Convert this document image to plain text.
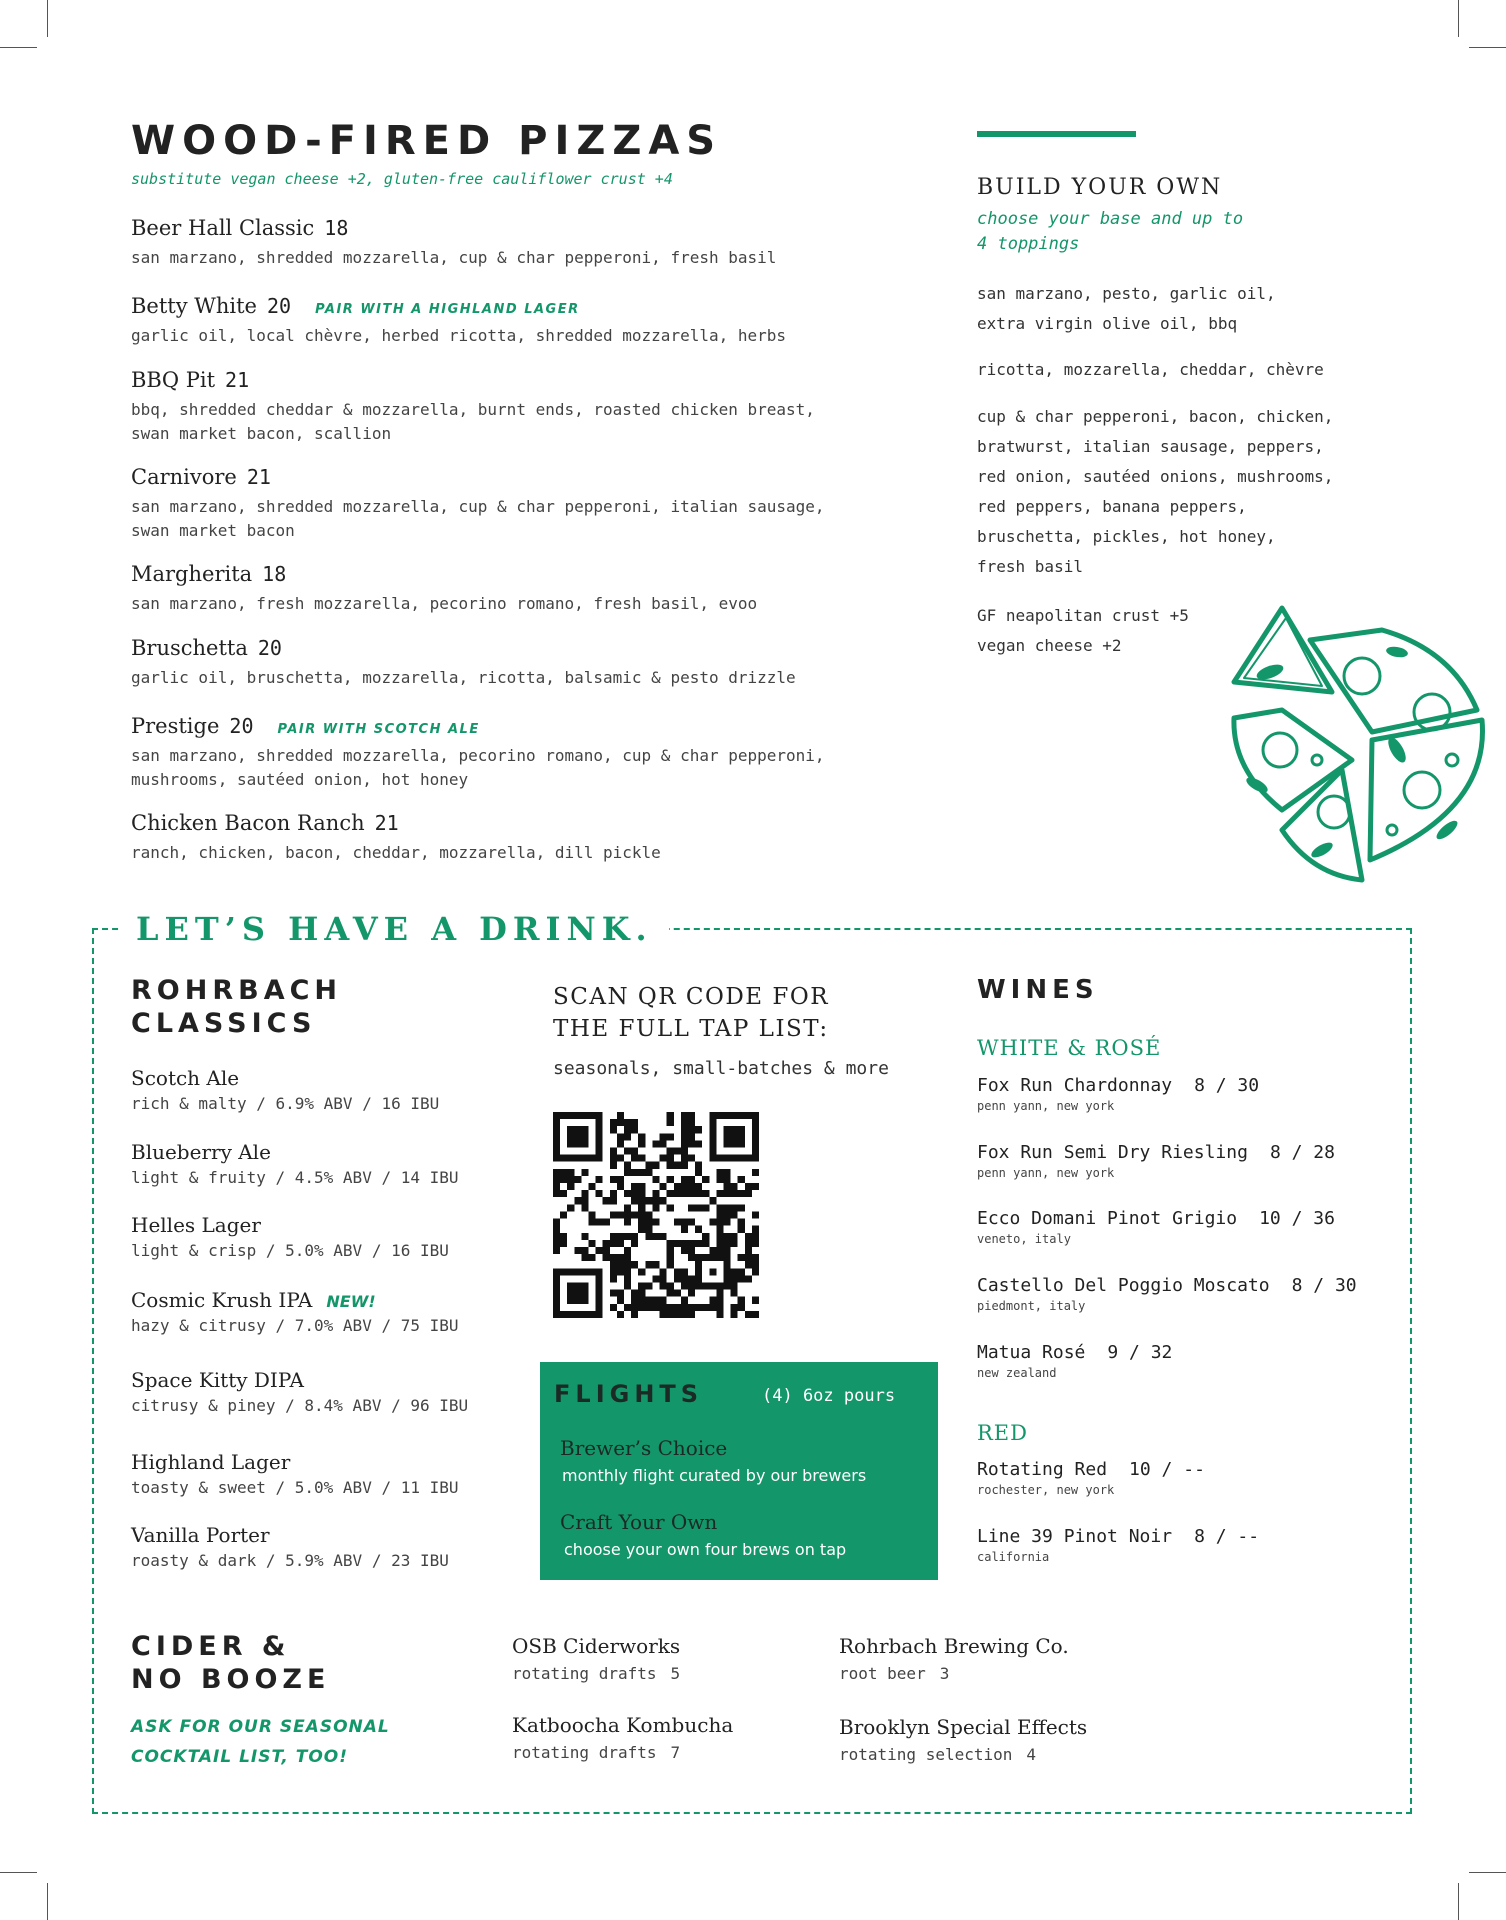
WOOD-FIRED PIZZAS
substitute vegan cheese +2, gluten-free cauliflower crust +4
Beer Hall Classic 18
san marzano, shredded mozzarella, cup & char pepperoni, fresh basil
Betty White 20 PAIR WITH A HIGHLAND LAGER
garlic oil, local chèvre, herbed ricotta, shredded mozzarella, herbs
BBQ Pit 21
bbq, shredded cheddar & mozzarella, burnt ends, roasted chicken breast,
swan market bacon, scallion
Carnivore 21
san marzano, shredded mozzarella, cup & char pepperoni, italian sausage,
swan market bacon
Margherita 18
san marzano, fresh mozzarella, pecorino romano, fresh basil, evoo
Bruschetta 20
garlic oil, bruschetta, mozzarella, ricotta, balsamic & pesto drizzle
Prestige 20 PAIR WITH SCOTCH ALE
san marzano, shredded mozzarella, pecorino romano, cup & char pepperoni,
mushrooms, sautéed onion, hot honey
Chicken Bacon Ranch 21
ranch, chicken, bacon, cheddar, mozzarella, dill pickle
BUILD YOUR OWN
choose your base and up to
4 toppings
san marzano, pesto, garlic oil,
extra virgin olive oil, bbq
ricotta, mozzarella, cheddar, chèvre
cup & char pepperoni, bacon, chicken,
bratwurst, italian sausage, peppers,
red onion, sautéed onions, mushrooms,
red peppers, banana peppers,
bruschetta, pickles, hot honey,
fresh basil
GF neapolitan crust +5
vegan cheese +2
LET’S HAVE A DRINK.
ROHRBACH
CLASSICS
Scotch Ale
rich & malty / 6.9% ABV / 16 IBU
Blueberry Ale
light & fruity / 4.5% ABV / 14 IBU
Helles Lager
light & crisp / 5.0% ABV / 16 IBU
Cosmic Krush IPA NEW!
hazy & citrusy / 7.0% ABV / 75 IBU
Space Kitty DIPA
citrusy & piney / 8.4% ABV / 96 IBU
Highland Lager
toasty & sweet / 5.0% ABV / 11 IBU
Vanilla Porter
roasty & dark / 5.9% ABV / 23 IBU
SCAN QR CODE FOR
THE FULL TAP LIST:
seasonals, small-batches & more
FLIGHTS	(4) 6oz pours
Brewer’s Choice
monthly flight curated by our brewers
Craft Your Own
choose your own four brews on tap
WINES
WHITE & ROSÉ
Fox Run Chardonnay 8 / 30
penn yann, new york
Fox Run Semi Dry Riesling 8 / 28
penn yann, new york
Ecco Domani Pinot Grigio 10 / 36
veneto, italy
Castello Del Poggio Moscato 8 / 30
piedmont, italy
Matua Rosé 9 / 32
new zealand
RED
Rotating Red 10 / --
rochester, new york
Line 39 Pinot Noir 8 / --
california
CIDER &
NO BOOZE
ASK FOR OUR SEASONAL
COCKTAIL LIST, TOO!
OSB Ciderworks
rotating drafts 5
Katboocha Kombucha
rotating drafts 7
Rohrbach Brewing Co.
root beer 3
Brooklyn Special Effects
rotating selection 4
